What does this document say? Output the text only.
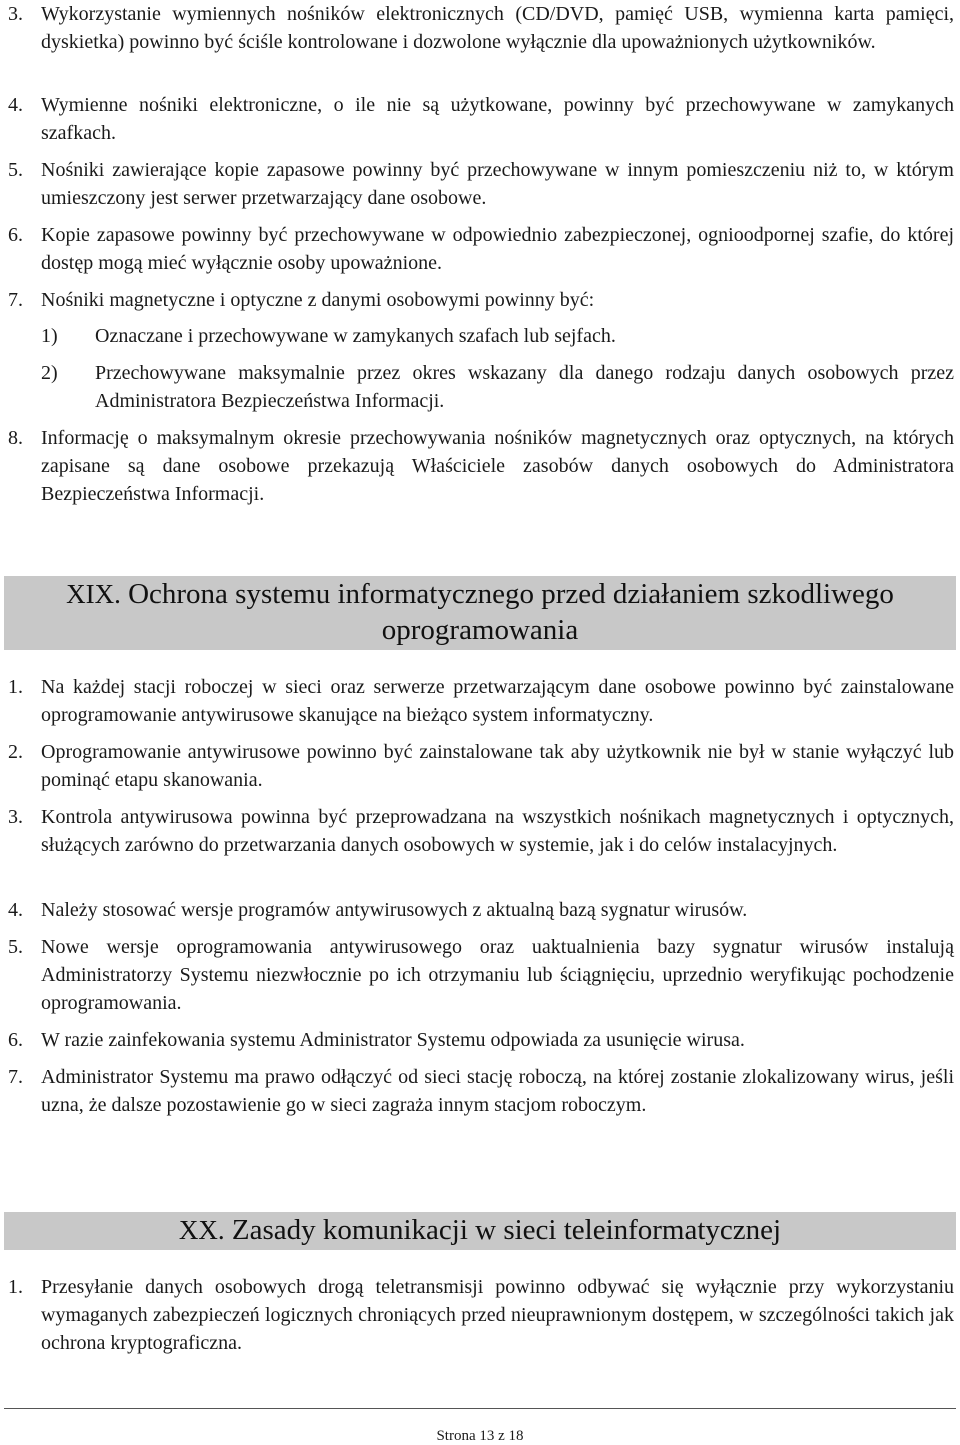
3. Wykorzystanie wymiennych nośników elektronicznych (CD/DVD, pamięć USB, wymienna karta pamięci, dyskietka) powinno być ściśle kontrolowane i dozwolone wyłącznie dla upoważnionych użytkowników.
4. Wymienne nośniki elektroniczne, o ile nie są użytkowane, powinny być przechowywane w zamykanych szafkach.
5. Nośniki zawierające kopie zapasowe powinny być przechowywane w innym pomieszczeniu niż to, w którym umieszczony jest serwer przetwarzający dane osobowe.
6. Kopie zapasowe powinny być przechowywane w odpowiednio zabezpieczonej, ognioodpornej szafie, do której dostęp mogą mieć wyłącznie osoby upoważnione.
7. Nośniki magnetyczne i optyczne z danymi osobowymi powinny być:
1) Oznaczane i przechowywane w zamykanych szafach lub sejfach.
2) Przechowywane maksymalnie przez okres wskazany dla danego rodzaju danych osobowych przez Administratora Bezpieczeństwa Informacji.
8. Informację o maksymalnym okresie przechowywania nośników magnetycznych oraz optycznych, na których zapisane są dane osobowe przekazują Właściciele zasobów danych osobowych do Administratora Bezpieczeństwa Informacji.
XIX. Ochrona systemu informatycznego przed działaniem szkodliwego
oprogramowania
1. Na każdej stacji roboczej w sieci oraz serwerze przetwarzającym dane osobowe powinno być zainstalowane oprogramowanie antywirusowe skanujące na bieżąco system informatyczny.
2. Oprogramowanie antywirusowe powinno być zainstalowane tak aby użytkownik nie był w stanie wyłączyć lub pominąć etapu skanowania.
3. Kontrola antywirusowa powinna być przeprowadzana na wszystkich nośnikach magnetycznych i optycznych, służących zarówno do przetwarzania danych osobowych w systemie, jak i do celów instalacyjnych.
4. Należy stosować wersje programów antywirusowych z aktualną bazą sygnatur wirusów.
5. Nowe wersje oprogramowania antywirusowego oraz uaktualnienia bazy sygnatur wirusów instalują Administratorzy Systemu niezwłocznie po ich otrzymaniu lub ściągnięciu, uprzednio weryfikując pochodzenie oprogramowania.
6. W razie zainfekowania systemu Administrator Systemu odpowiada za usunięcie wirusa.
7. Administrator Systemu ma prawo odłączyć od sieci stację roboczą, na której zostanie zlokalizowany wirus, jeśli uzna, że dalsze pozostawienie go w sieci zagraża innym stacjom roboczym.
XX. Zasady komunikacji w sieci teleinformatycznej
1. Przesyłanie danych osobowych drogą teletransmisji powinno odbywać się wyłącznie przy wykorzystaniu wymaganych zabezpieczeń logicznych chroniących przed nieuprawnionym dostępem, w szczególności takich jak ochrona kryptograficzna.
Strona 13 z 18
